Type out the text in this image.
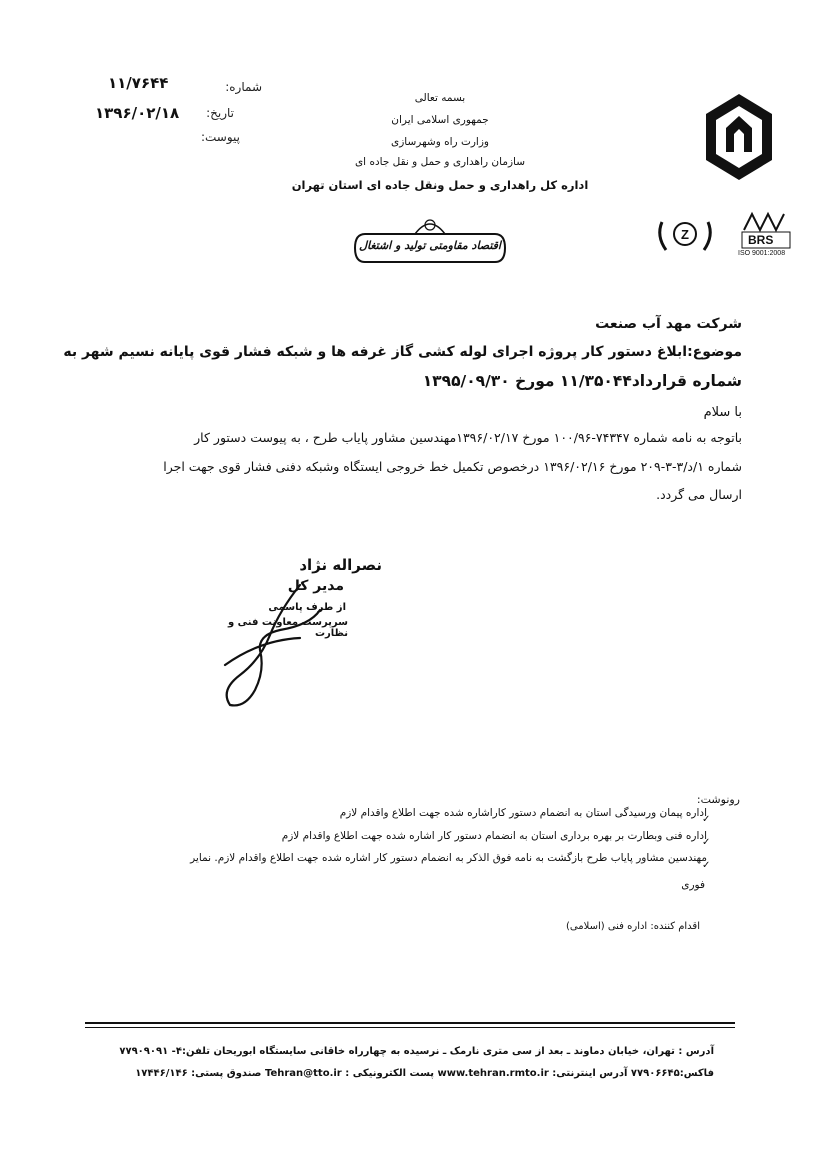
شماره:
۱۱/۷۶۴۴
تاریخ:
۱۳۹۶/۰۲/۱۸
پیوست:
بسمه تعالی
جمهوری اسلامی ایران
وزارت راه وشهرسازی
سازمان راهداری و حمل و نقل جاده ای
اداره کل راهداری و حمل ونقل جاده ای استان تهران
اقتصاد مقاومتی تولید و اشتغال
Z	BRS
ISO 9001:2008
شرکت مهد آب صنعت
موضوع:ابلاغ دستور کار پروژه اجرای لوله کشی گاز غرفه ها و شبکه فشار قوی پایانه نسیم شهر به
شماره قرارداد۱۱/۳۵۰۴۴ مورخ ۱۳۹۵/۰۹/۳۰
با سلام
باتوجه به نامه شماره ۷۴۳۴۷-۱۰۰/۹۶ مورخ ۱۳۹۶/۰۲/۱۷مهندسین مشاور پایاب طرح ، به پیوست دستور کار
شماره ۱/د/۳-۳-۲۰۹ مورخ ۱۳۹۶/۰۲/۱۶ درخصوص تکمیل خط خروجی ایستگاه وشبکه دفنی فشار قوی جهت اجرا
ارسال می گردد.
نصراله نژاد
مدیر کل
از طرف پاسمی
سرپرست معاونت فنی و نظارت
رونوشت:
اداره پیمان ورسیدگی استان به انضمام دستور کاراشاره شده جهت اطلاع واقدام لازم
اداره فنی وبطارت بر بهره برداری استان به انضمام دستور کار اشاره شده جهت اطلاع واقدام لازم
مهندسین مشاور پایاب طرح بازگشت به نامه فوق الذکر به انضمام دستور کار اشاره شده جهت اطلاع واقدام لازم. نمایر
فوری
✓
✓
✓
اقدام کننده: اداره فنی (اسلامی)
آدرس : تهران، خیابان دماوند ـ بعد از سی متری نارمک ـ نرسیده به چهارراه خاقانی سایستگاه ابوریحان تلفن:۴- ۷۷۹۰۹۰۹۱
فاکس:۷۷۹۰۶۶۴۵ آدرس اینترنتی: www.tehran.rmto.ir پست الکترونیکی : Tehran@tto.ir صندوق پستی: ۱۷۴۴۶/۱۴۶
